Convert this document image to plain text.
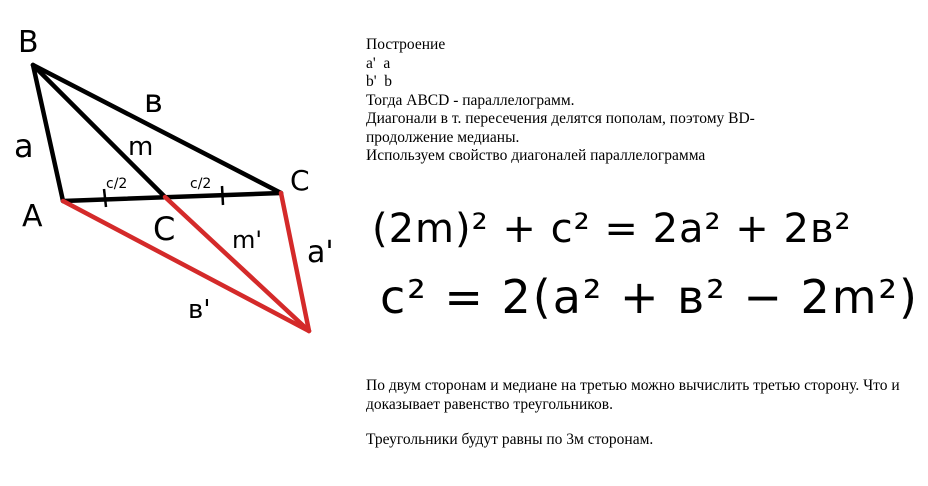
B
A
C
a
в
m
c/2	c/2
C m' a'
в'
Построение
a'  a
b'  b
Тогда ABCD - параллелограмм.
Диагонали в т. пересечения делятся пополам, поэтому BD-
продолжение медианы.
Используем свойство диагоналей параллелограмма
(2m)² + c² = 2a² + 2в²
c² = 2(a² + в² − 2m²)
По двум сторонам и медиане на третью можно вычислить третью сторону. Что и доказывает равенство треугольников.
Треугольники будут равны по 3м сторонам.
